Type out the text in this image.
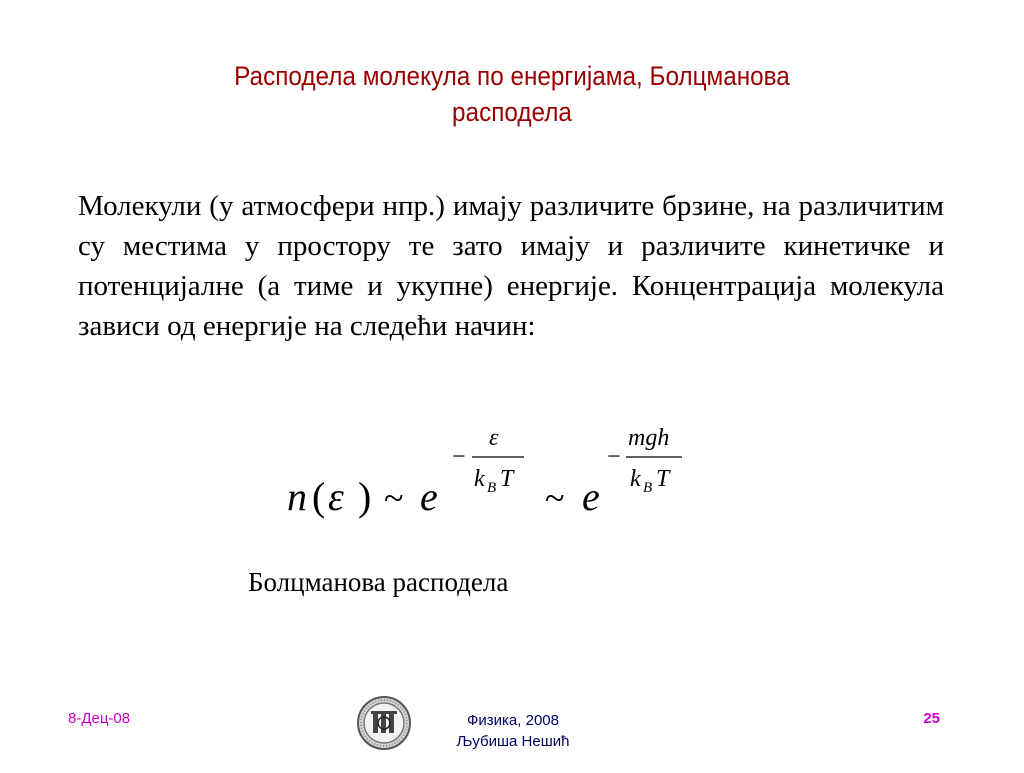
Расподела молекула по енергијама, Болцманова
расподела
Молекули (у атмосфери нпр.) имају различите брзине, на различитим су местима у простору те зато имају и различите кинетичке и потенцијалне (а тиме и укупне) енергије. Концентрација молекула зависи од енергије на следећи начин:
n ( ε ) ~ e
−
ε
k B T ~ e
−
mgh
k B T
Болцманова расподела
8-Дец-08	Физика, 2008
Љубиша Нешић
25
